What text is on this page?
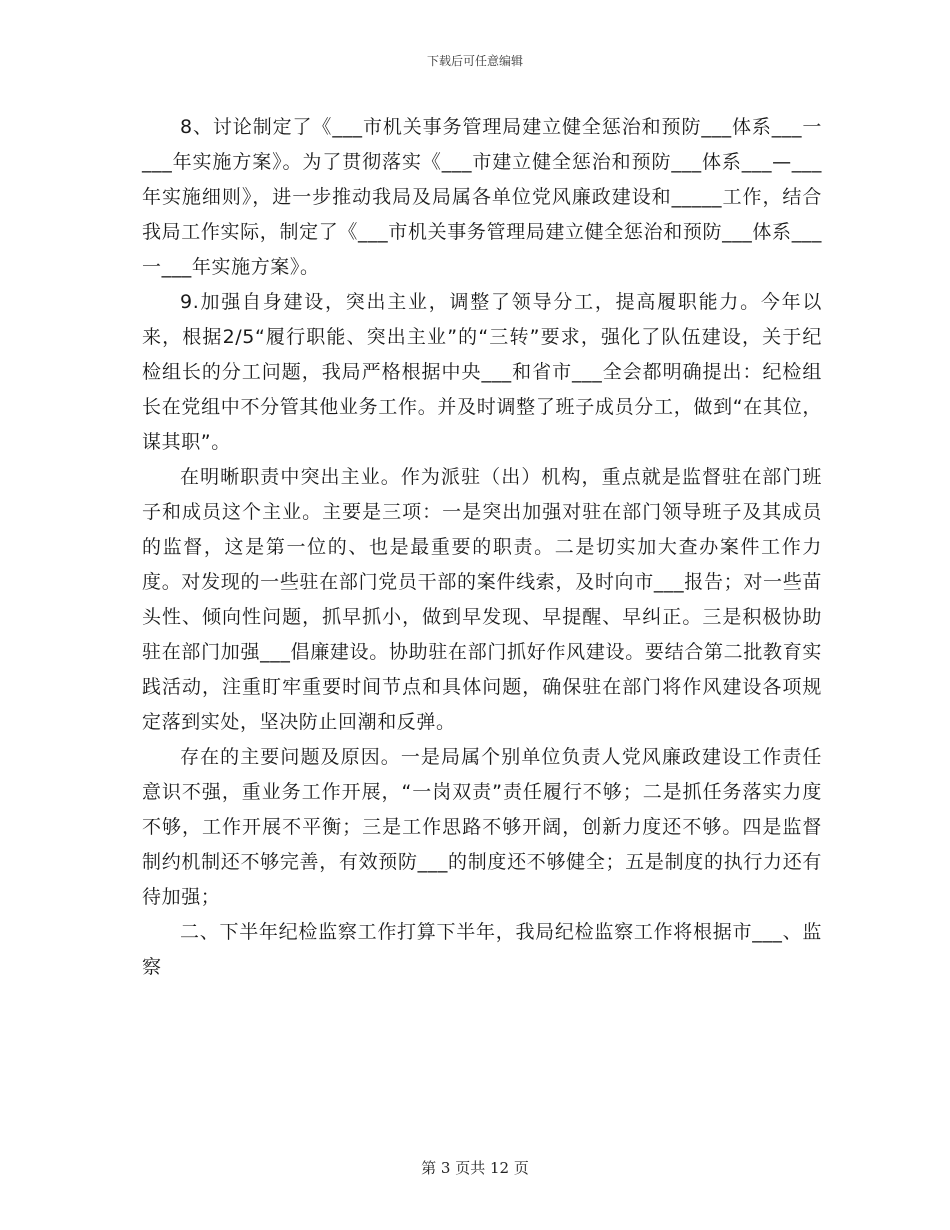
下载后可任意编辑

8、讨论制定了《___市机关事务管理局建立健全惩治和预防___体系___一___年实施方案》。为了贯彻落实《___市建立健全惩治和预防___体系___—___年实施细则》，进一步推动我局及局属各单位党风廉政建设和_____工作，结合我局工作实际，制定了《___市机关事务管理局建立健全惩治和预防___体系___一___年实施方案》。

9.加强自身建设，突出主业，调整了领导分工，提高履职能力。今年以来，根据2/5“履行职能、突出主业”的“三转”要求，强化了队伍建设，关于纪检组长的分工问题，我局严格根据中央___和省市___全会都明确提出：纪检组长在党组中不分管其他业务工作。并及时调整了班子成员分工，做到“在其位，谋其职”。

在明晰职责中突出主业。作为派驻（出）机构，重点就是监督驻在部门班子和成员这个主业。主要是三项：一是突出加强对驻在部门领导班子及其成员的监督，这是第一位的、也是最重要的职责。二是切实加大查办案件工作力度。对发现的一些驻在部门党员干部的案件线索，及时向市___报告；对一些苗头性、倾向性问题，抓早抓小，做到早发现、早提醒、早纠正。三是积极协助驻在部门加强___倡廉建设。协助驻在部门抓好作风建设。要结合第二批教育实践活动，注重盯牢重要时间节点和具体问题，确保驻在部门将作风建设各项规定落到实处，坚决防止回潮和反弹。

存在的主要问题及原因。一是局属个别单位负责人党风廉政建设工作责任意识不强，重业务工作开展，“一岗双责”责任履行不够；二是抓任务落实力度不够，工作开展不平衡；三是工作思路不够开阔，创新力度还不够。四是监督制约机制还不够完善，有效预防___的制度还不够健全；五是制度的执行力还有待加强；

二、下半年纪检监察工作打算下半年，我局纪检监察工作将根据市___、监察

第 3 页共 12 页
